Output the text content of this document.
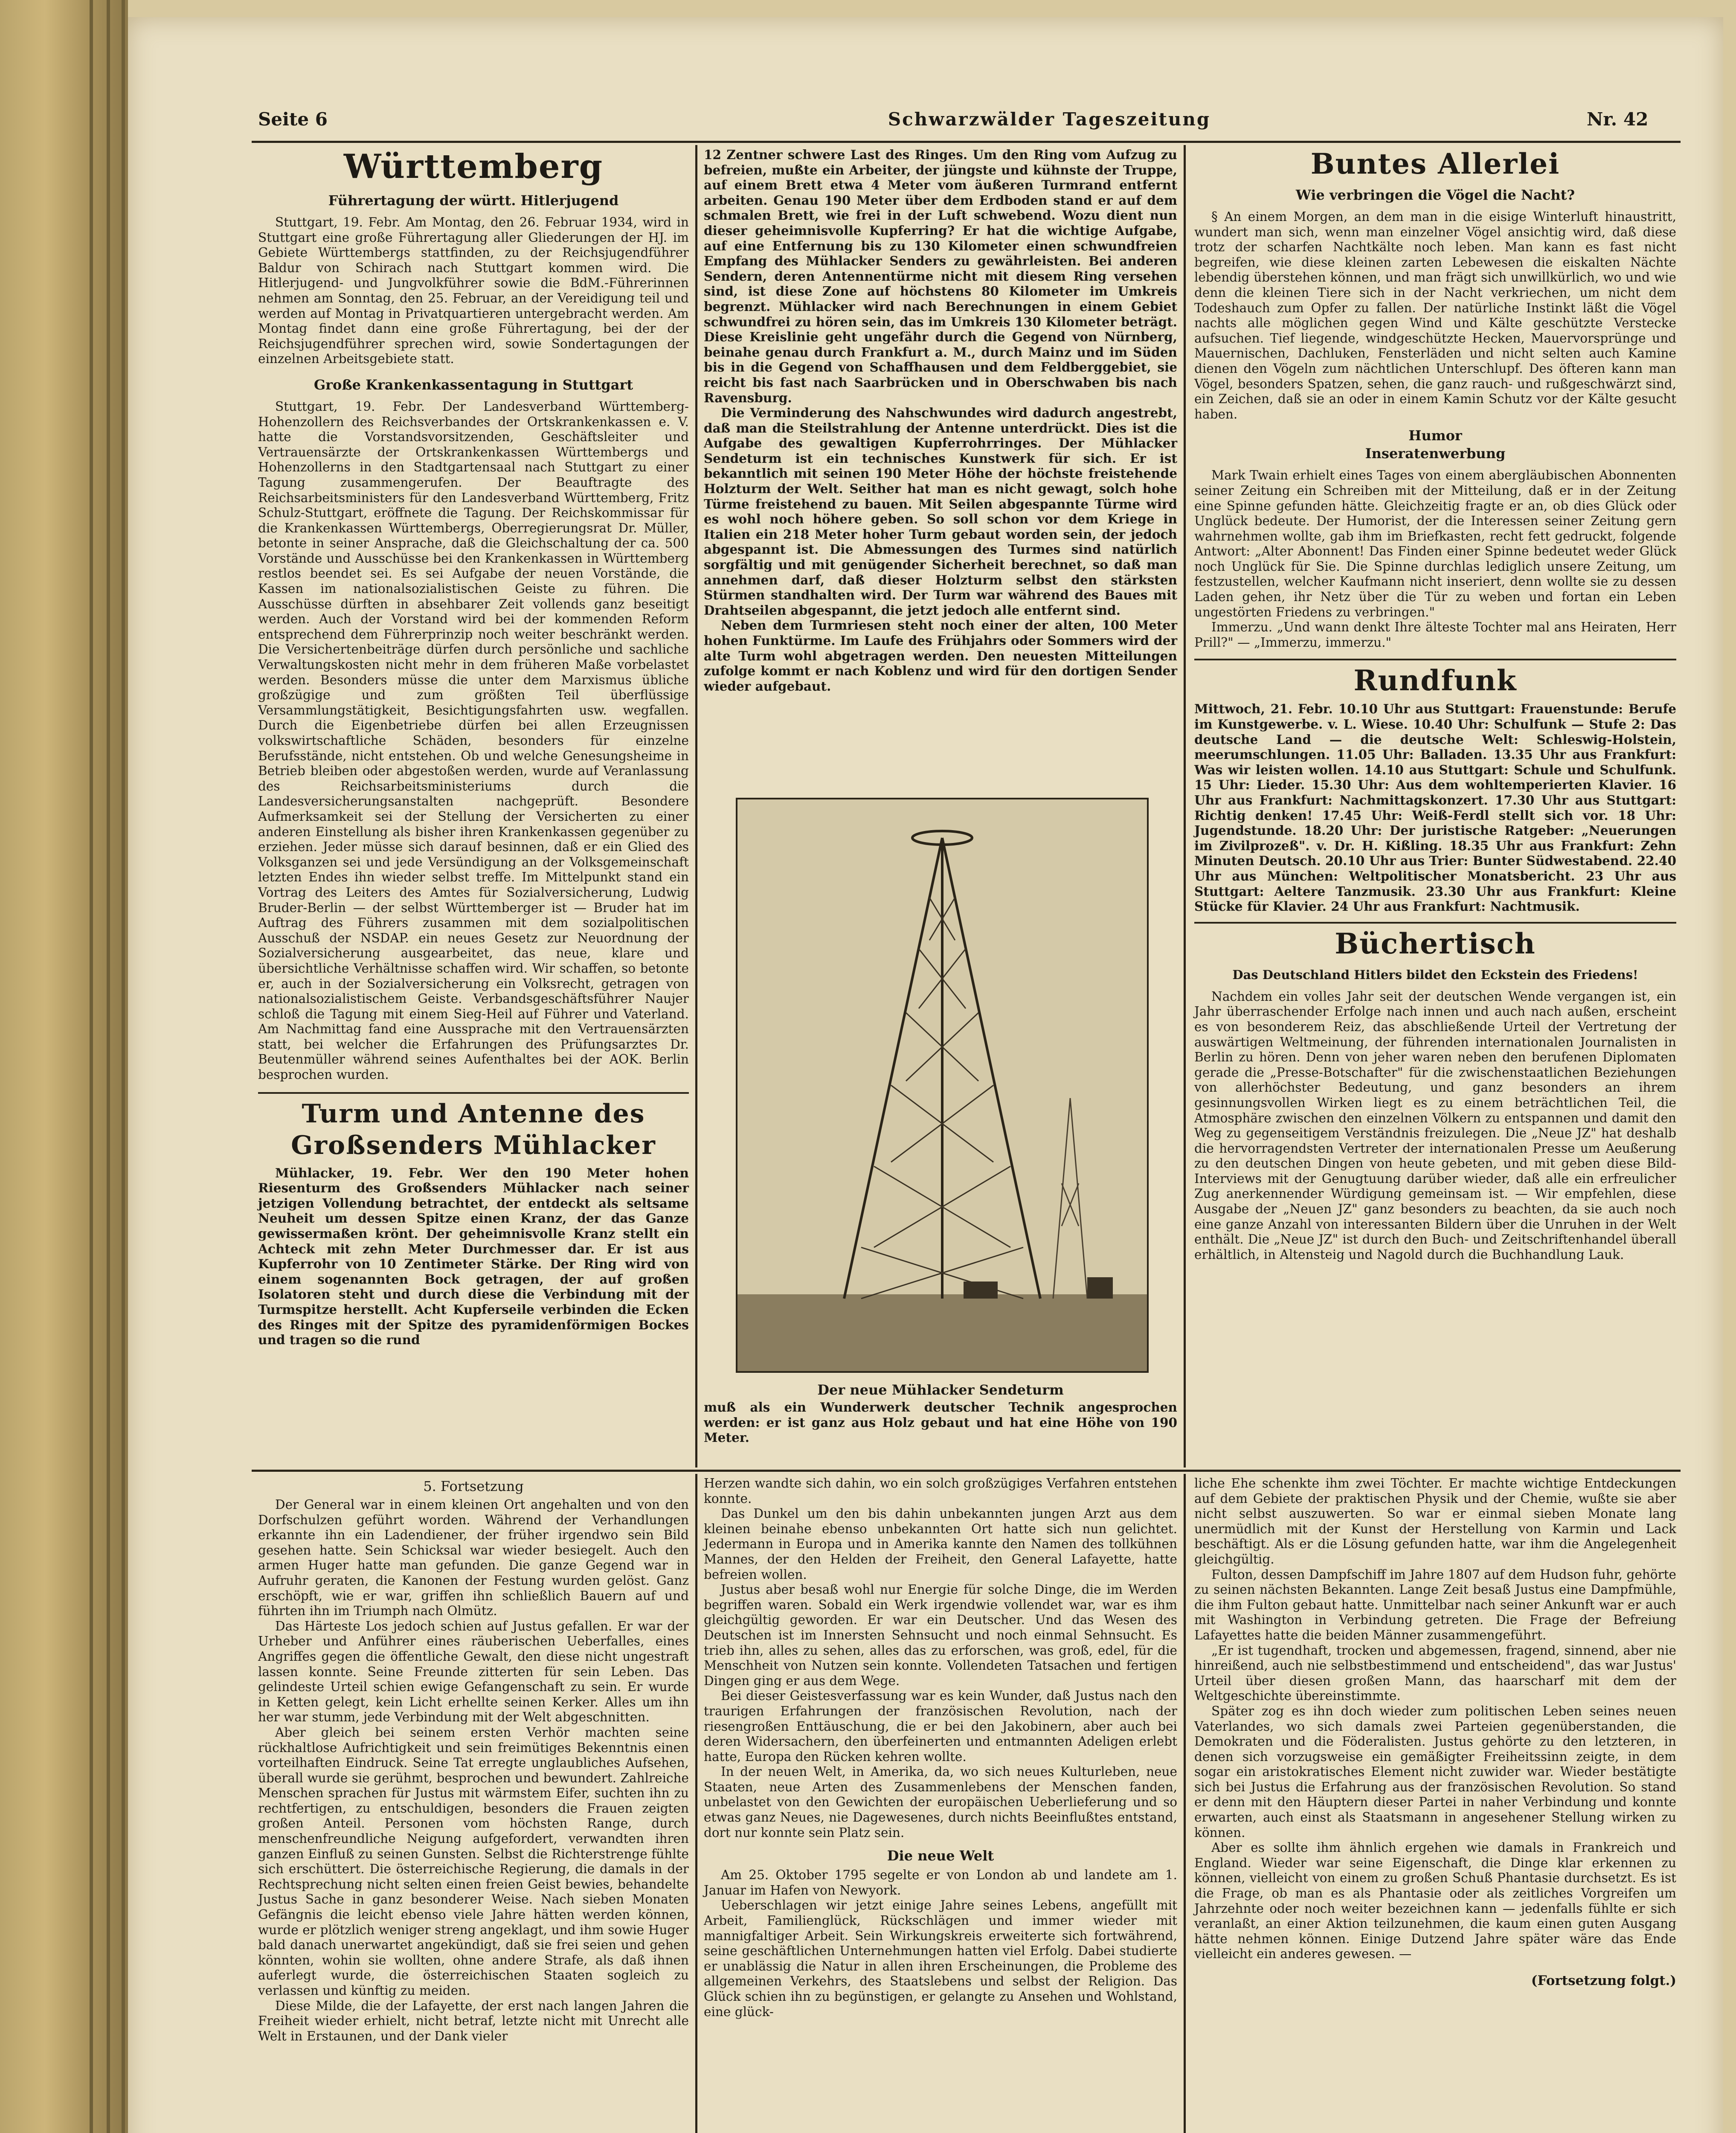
Seite 6	Schwarzwälder Tageszeitung	Nr. 42
Württemberg
Führertagung der württ. Hitlerjugend

Stuttgart, 19. Febr. Am Montag, den 26. Februar 1934, wird in Stuttgart eine große Führertagung aller Gliederungen der HJ. im Gebiete Württembergs stattfinden, zu der Reichsjugendführer Baldur von Schirach nach Stuttgart kommen wird. Die Hitlerjugend- und Jungvolkführer sowie die BdM.-Führerinnen nehmen am Sonntag, den 25. Februar, an der Vereidigung teil und werden auf Montag in Privatquartieren untergebracht werden. Am Montag findet dann eine große Führertagung, bei der der Reichsjugendführer sprechen wird, sowie Sondertagungen der einzelnen Arbeitsgebiete statt.

Große Krankenkassentagung in Stuttgart

Stuttgart, 19. Febr. Der Landesverband Württemberg-Hohenzollern des Reichsverbandes der Ortskrankenkassen e. V. hatte die Vorstandsvorsitzenden, Geschäftsleiter und Vertrauensärzte der Ortskrankenkassen Württembergs und Hohenzollerns in den Stadtgartensaal nach Stuttgart zu einer Tagung zusammengerufen. Der Beauftragte des Reichsarbeitsministers für den Landesverband Württemberg, Fritz Schulz-Stuttgart, eröffnete die Tagung. Der Reichskommissar für die Krankenkassen Württembergs, Oberregierungsrat Dr. Müller, betonte in seiner Ansprache, daß die Gleichschaltung der ca. 500 Vorstände und Ausschüsse bei den Krankenkassen in Württemberg restlos beendet sei. Es sei Aufgabe der neuen Vorstände, die Kassen im nationalsozialistischen Geiste zu führen. Die Ausschüsse dürften in absehbarer Zeit vollends ganz beseitigt werden. Auch der Vorstand wird bei der kommenden Reform entsprechend dem Führerprinzip noch weiter beschränkt werden. Die Versichertenbeiträge dürfen durch persönliche und sachliche Verwaltungskosten nicht mehr in dem früheren Maße vorbelastet werden. Besonders müsse die unter dem Marxismus übliche großzügige und zum größten Teil überflüssige Versammlungstätigkeit, Besichtigungsfahrten usw. wegfallen. Durch die Eigenbetriebe dürfen bei allen Erzeugnissen volkswirtschaftliche Schäden, besonders für einzelne Berufsstände, nicht entstehen. Ob und welche Genesungsheime in Betrieb bleiben oder abgestoßen werden, wurde auf Veranlassung des Reichsarbeitsministeriums durch die Landesversicherungsanstalten nachgeprüft. Besondere Aufmerksamkeit sei der Stellung der Versicherten zu einer anderen Einstellung als bisher ihren Krankenkassen gegenüber zu erziehen. Jeder müsse sich darauf besinnen, daß er ein Glied des Volksganzen sei und jede Versündigung an der Volksgemeinschaft letzten Endes ihn wieder selbst treffe. Im Mittelpunkt stand ein Vortrag des Leiters des Amtes für Sozialversicherung, Ludwig Bruder-Berlin — der selbst Württemberger ist — Bruder hat im Auftrag des Führers zusammen mit dem sozialpolitischen Ausschuß der NSDAP. ein neues Gesetz zur Neuordnung der Sozialversicherung ausgearbeitet, das neue, klare und übersichtliche Verhältnisse schaffen wird. Wir schaffen, so betonte er, auch in der Sozialversicherung ein Volksrecht, getragen von nationalsozialistischem Geiste. Verbandsgeschäftsführer Naujer schloß die Tagung mit einem Sieg-Heil auf Führer und Vaterland. Am Nachmittag fand eine Aussprache mit den Vertrauensärzten statt, bei welcher die Erfahrungen des Prüfungsarztes Dr. Beutenmüller während seines Aufenthaltes bei der AOK. Berlin besprochen wurden.

Turm und Antenne des Großsenders Mühlacker

Mühlacker, 19. Febr. Wer den 190 Meter hohen Riesenturm des Großsenders Mühlacker nach seiner jetzigen Vollendung betrachtet, der entdeckt als seltsame Neuheit um dessen Spitze einen Kranz, der das Ganze gewissermaßen krönt. Der geheimnisvolle Kranz stellt ein Achteck mit zehn Meter Durchmesser dar. Er ist aus Kupferrohr von 10 Zentimeter Stärke. Der Ring wird von einem sogenannten Bock getragen, der auf großen Isolatoren steht und durch diese die Verbindung mit der Turmspitze herstellt. Acht Kupferseile verbinden die Ecken des Ringes mit der Spitze des pyramidenförmigen Bockes und tragen so die rund

12 Zentner schwere Last des Ringes. Um den Ring vom Aufzug zu befreien, mußte ein Arbeiter, der jüngste und kühnste der Truppe, auf einem Brett etwa 4 Meter vom äußeren Turmrand entfernt arbeiten. Genau 190 Meter über dem Erdboden stand er auf dem schmalen Brett, wie frei in der Luft schwebend. Wozu dient nun dieser geheimnisvolle Kupferring? Er hat die wichtige Aufgabe, auf eine Entfernung bis zu 130 Kilometer einen schwundfreien Empfang des Mühlacker Senders zu gewährleisten. Bei anderen Sendern, deren Antennentürme nicht mit diesem Ring versehen sind, ist diese Zone auf höchstens 80 Kilometer im Umkreis begrenzt. Mühlacker wird nach Berechnungen in einem Gebiet schwundfrei zu hören sein, das im Umkreis 130 Kilometer beträgt. Diese Kreislinie geht ungefähr durch die Gegend von Nürnberg, beinahe genau durch Frankfurt a. M., durch Mainz und im Süden bis in die Gegend von Schaffhausen und dem Feldberggebiet, sie reicht bis fast nach Saarbrücken und in Oberschwaben bis nach Ravensburg.

Die Verminderung des Nahschwundes wird dadurch angestrebt, daß man die Steilstrahlung der Antenne unterdrückt. Dies ist die Aufgabe des gewaltigen Kupferrohrringes. Der Mühlacker Sendeturm ist ein technisches Kunstwerk für sich. Er ist bekanntlich mit seinen 190 Meter Höhe der höchste freistehende Holzturm der Welt. Seither hat man es nicht gewagt, solch hohe Türme freistehend zu bauen. Mit Seilen abgespannte Türme wird es wohl noch höhere geben. So soll schon vor dem Kriege in Italien ein 218 Meter hoher Turm gebaut worden sein, der jedoch abgespannt ist. Die Abmessungen des Turmes sind natürlich sorgfältig und mit genügender Sicherheit berechnet, so daß man annehmen darf, daß dieser Holzturm selbst den stärksten Stürmen standhalten wird. Der Turm war während des Baues mit Drahtseilen abgespannt, die jetzt jedoch alle entfernt sind.

Neben dem Turmriesen steht noch einer der alten, 100 Meter hohen Funktürme. Im Laufe des Frühjahrs oder Sommers wird der alte Turm wohl abgetragen werden. Den neuesten Mitteilungen zufolge kommt er nach Koblenz und wird für den dortigen Sender wieder aufgebaut.

Der neue Mühlacker Sendeturm
muß als ein Wunderwerk deutscher Technik angesprochen werden: er ist ganz aus Holz gebaut und hat eine Höhe von 190 Meter.
Buntes Allerlei
Wie verbringen die Vögel die Nacht?

§ An einem Morgen, an dem man in die eisige Winterluft hinaustritt, wundert man sich, wenn man einzelner Vögel ansichtig wird, daß diese trotz der scharfen Nachtkälte noch leben. Man kann es fast nicht begreifen, wie diese kleinen zarten Lebewesen die eiskalten Nächte lebendig überstehen können, und man frägt sich unwillkürlich, wo und wie denn die kleinen Tiere sich in der Nacht verkriechen, um nicht dem Todeshauch zum Opfer zu fallen. Der natürliche Instinkt läßt die Vögel nachts alle möglichen gegen Wind und Kälte geschützte Verstecke aufsuchen. Tief liegende, windgeschützte Hecken, Mauervorsprünge und Mauernischen, Dachluken, Fensterläden und nicht selten auch Kamine dienen den Vögeln zum nächtlichen Unterschlupf. Des öfteren kann man Vögel, besonders Spatzen, sehen, die ganz rauch- und rußgeschwärzt sind, ein Zeichen, daß sie an oder in einem Kamin Schutz vor der Kälte gesucht haben.

Humor
Inseratenwerbung

Mark Twain erhielt eines Tages von einem abergläubischen Abonnenten seiner Zeitung ein Schreiben mit der Mitteilung, daß er in der Zeitung eine Spinne gefunden hätte. Gleichzeitig fragte er an, ob dies Glück oder Unglück bedeute. Der Humorist, der die Interessen seiner Zeitung gern wahrnehmen wollte, gab ihm im Briefkasten, recht fett gedruckt, folgende Antwort: „Alter Abonnent! Das Finden einer Spinne bedeutet weder Glück noch Unglück für Sie. Die Spinne durchlas lediglich unsere Zeitung, um festzustellen, welcher Kaufmann nicht inseriert, denn wollte sie zu dessen Laden gehen, ihr Netz über die Tür zu weben und fortan ein Leben ungestörten Friedens zu verbringen."

Immerzu. „Und wann denkt Ihre älteste Tochter mal ans Heiraten, Herr Prill?" — „Immerzu, immerzu."

Rundfunk

Mittwoch, 21. Febr. 10.10 Uhr aus Stuttgart: Frauenstunde: Berufe im Kunstgewerbe. v. L. Wiese. 10.40 Uhr: Schulfunk — Stufe 2: Das deutsche Land — die deutsche Welt: Schleswig-Holstein, meerumschlungen. 11.05 Uhr: Balladen. 13.35 Uhr aus Frankfurt: Was wir leisten wollen. 14.10 aus Stuttgart: Schule und Schulfunk. 15 Uhr: Lieder. 15.30 Uhr: Aus dem wohltemperierten Klavier. 16 Uhr aus Frankfurt: Nachmittagskonzert. 17.30 Uhr aus Stuttgart: Richtig denken! 17.45 Uhr: Weiß-Ferdl stellt sich vor. 18 Uhr: Jugendstunde. 18.20 Uhr: Der juristische Ratgeber: „Neuerungen im Zivilprozeß". v. Dr. H. Kißling. 18.35 Uhr aus Frankfurt: Zehn Minuten Deutsch. 20.10 Uhr aus Trier: Bunter Südwestabend. 22.40 Uhr aus München: Weltpolitischer Monatsbericht. 23 Uhr aus Stuttgart: Aeltere Tanzmusik. 23.30 Uhr aus Frankfurt: Kleine Stücke für Klavier. 24 Uhr aus Frankfurt: Nachtmusik.

Büchertisch
Das Deutschland Hitlers bildet den Eckstein des Friedens!

Nachdem ein volles Jahr seit der deutschen Wende vergangen ist, ein Jahr überraschender Erfolge nach innen und auch nach außen, erscheint es von besonderem Reiz, das abschließende Urteil der Vertretung der auswärtigen Weltmeinung, der führenden internationalen Journalisten in Berlin zu hören. Denn von jeher waren neben den berufenen Diplomaten gerade die „Presse-Botschafter" für die zwischenstaatlichen Beziehungen von allerhöchster Bedeutung, und ganz besonders an ihrem gesinnungsvollen Wirken liegt es zu einem beträchtlichen Teil, die Atmosphäre zwischen den einzelnen Völkern zu entspannen und damit den Weg zu gegenseitigem Verständnis freizulegen. Die „Neue JZ" hat deshalb die hervorragendsten Vertreter der internationalen Presse um Aeußerung zu den deutschen Dingen von heute gebeten, und mit geben diese Bild-Interviews mit der Genugtuung darüber wieder, daß alle ein erfreulicher Zug anerkennender Würdigung gemeinsam ist. — Wir empfehlen, diese Ausgabe der „Neuen JZ" ganz besonders zu beachten, da sie auch noch eine ganze Anzahl von interessanten Bildern über die Unruhen in der Welt enthält. Die „Neue JZ" ist durch den Buch- und Zeitschriftenhandel überall erhältlich, in Altensteig und Nagold durch die Buchhandlung Lauk.

5. Fortsetzung

Der General war in einem kleinen Ort angehalten und von den Dorfschulzen geführt worden. Während der Verhandlungen erkannte ihn ein Ladendiener, der früher irgendwo sein Bild gesehen hatte. Sein Schicksal war wieder besiegelt. Auch den armen Huger hatte man gefunden. Die ganze Gegend war in Aufruhr geraten, die Kanonen der Festung wurden gelöst. Ganz erschöpft, wie er war, griffen ihn schließlich Bauern auf und führten ihn im Triumph nach Olmütz.

Das Härteste Los jedoch schien auf Justus gefallen. Er war der Urheber und Anführer eines räuberischen Ueberfalles, eines Angriffes gegen die öffentliche Gewalt, den diese nicht ungestraft lassen konnte. Seine Freunde zitterten für sein Leben. Das gelindeste Urteil schien ewige Gefangenschaft zu sein. Er wurde in Ketten gelegt, kein Licht erhellte seinen Kerker. Alles um ihn her war stumm, jede Verbindung mit der Welt abgeschnitten.

Aber gleich bei seinem ersten Verhör machten seine rückhaltlose Aufrichtigkeit und sein freimütiges Bekenntnis einen vorteilhaften Eindruck. Seine Tat erregte unglaubliches Aufsehen, überall wurde sie gerühmt, besprochen und bewundert. Zahlreiche Menschen sprachen für Justus mit wärmstem Eifer, suchten ihn zu rechtfertigen, zu entschuldigen, besonders die Frauen zeigten großen Anteil. Personen vom höchsten Range, durch menschenfreundliche Neigung aufgefordert, verwandten ihren ganzen Einfluß zu seinen Gunsten. Selbst die Richterstrenge fühlte sich erschüttert. Die österreichische Regierung, die damals in der Rechtsprechung nicht selten einen freien Geist bewies, behandelte Justus Sache in ganz besonderer Weise. Nach sieben Monaten Gefängnis die leicht ebenso viele Jahre hätten werden können, wurde er plötzlich weniger streng angeklagt, und ihm sowie Huger bald danach unerwartet angekündigt, daß sie frei seien und gehen könnten, wohin sie wollten, ohne andere Strafe, als daß ihnen auferlegt wurde, die österreichischen Staaten sogleich zu verlassen und künftig zu meiden.

Diese Milde, die der Lafayette, der erst nach langen Jahren die Freiheit wieder erhielt, nicht betraf, letzte nicht mit Unrecht alle Welt in Erstaunen, und der Dank vieler

Herzen wandte sich dahin, wo ein solch großzügiges Verfahren entstehen konnte.

Das Dunkel um den bis dahin unbekannten jungen Arzt aus dem kleinen beinahe ebenso unbekannten Ort hatte sich nun gelichtet. Jedermann in Europa und in Amerika kannte den Namen des tollkühnen Mannes, der den Helden der Freiheit, den General Lafayette, hatte befreien wollen.

Justus aber besaß wohl nur Energie für solche Dinge, die im Werden begriffen waren. Sobald ein Werk irgendwie vollendet war, war es ihm gleichgültig geworden. Er war ein Deutscher. Und das Wesen des Deutschen ist im Innersten Sehnsucht und noch einmal Sehnsucht. Es trieb ihn, alles zu sehen, alles das zu erforschen, was groß, edel, für die Menschheit von Nutzen sein konnte. Vollendeten Tatsachen und fertigen Dingen ging er aus dem Wege.

Bei dieser Geistesverfassung war es kein Wunder, daß Justus nach den traurigen Erfahrungen der französischen Revolution, nach der riesengroßen Enttäuschung, die er bei den Jakobinern, aber auch bei deren Widersachern, den überfeinerten und entmannten Adeligen erlebt hatte, Europa den Rücken kehren wollte.

In der neuen Welt, in Amerika, da, wo sich neues Kulturleben, neue Staaten, neue Arten des Zusammenlebens der Menschen fanden, unbelastet von den Gewichten der europäischen Ueberlieferung und so etwas ganz Neues, nie Dagewesenes, durch nichts Beeinflußtes entstand, dort nur konnte sein Platz sein.

Die neue Welt

Am 25. Oktober 1795 segelte er von London ab und landete am 1. Januar im Hafen von Newyork.

Ueberschlagen wir jetzt einige Jahre seines Lebens, angefüllt mit Arbeit, Familienglück, Rückschlägen und immer wieder mit mannigfaltiger Arbeit. Sein Wirkungskreis erweiterte sich fortwährend, seine geschäftlichen Unternehmungen hatten viel Erfolg. Dabei studierte er unablässig die Natur in allen ihren Erscheinungen, die Probleme des allgemeinen Verkehrs, des Staatslebens und selbst der Religion. Das Glück schien ihn zu begünstigen, er gelangte zu Ansehen und Wohlstand, eine glück-

liche Ehe schenkte ihm zwei Töchter. Er machte wichtige Entdeckungen auf dem Gebiete der praktischen Physik und der Chemie, wußte sie aber nicht selbst auszuwerten. So war er einmal sieben Monate lang unermüdlich mit der Kunst der Herstellung von Karmin und Lack beschäftigt. Als er die Lösung gefunden hatte, war ihm die Angelegenheit gleichgültig.

Fulton, dessen Dampfschiff im Jahre 1807 auf dem Hudson fuhr, gehörte zu seinen nächsten Bekannten. Lange Zeit besaß Justus eine Dampfmühle, die ihm Fulton gebaut hatte. Unmittelbar nach seiner Ankunft war er auch mit Washington in Verbindung getreten. Die Frage der Befreiung Lafayettes hatte die beiden Männer zusammengeführt.

„Er ist tugendhaft, trocken und abgemessen, fragend, sinnend, aber nie hinreißend, auch nie selbstbestimmend und entscheidend", das war Justus' Urteil über diesen großen Mann, das haarscharf mit dem der Weltgeschichte übereinstimmte.

Später zog es ihn doch wieder zum politischen Leben seines neuen Vaterlandes, wo sich damals zwei Parteien gegenüberstanden, die Demokraten und die Föderalisten. Justus gehörte zu den letzteren, in denen sich vorzugsweise ein gemäßigter Freiheitssinn zeigte, in dem sogar ein aristokratisches Element nicht zuwider war. Wieder bestätigte sich bei Justus die Erfahrung aus der französischen Revolution. So stand er denn mit den Häuptern dieser Partei in naher Verbindung und konnte erwarten, auch einst als Staatsmann in angesehener Stellung wirken zu können.

Aber es sollte ihm ähnlich ergehen wie damals in Frankreich und England. Wieder war seine Eigenschaft, die Dinge klar erkennen zu können, vielleicht von einem zu großen Schuß Phantasie durchsetzt. Es ist die Frage, ob man es als Phantasie oder als zeitliches Vorgreifen um Jahrzehnte oder noch weiter bezeichnen kann — jedenfalls fühlte er sich veranlaßt, an einer Aktion teilzunehmen, die kaum einen guten Ausgang hätte nehmen können. Einige Dutzend Jahre später wäre das Ende vielleicht ein anderes gewesen. —

(Fortsetzung folgt.)
